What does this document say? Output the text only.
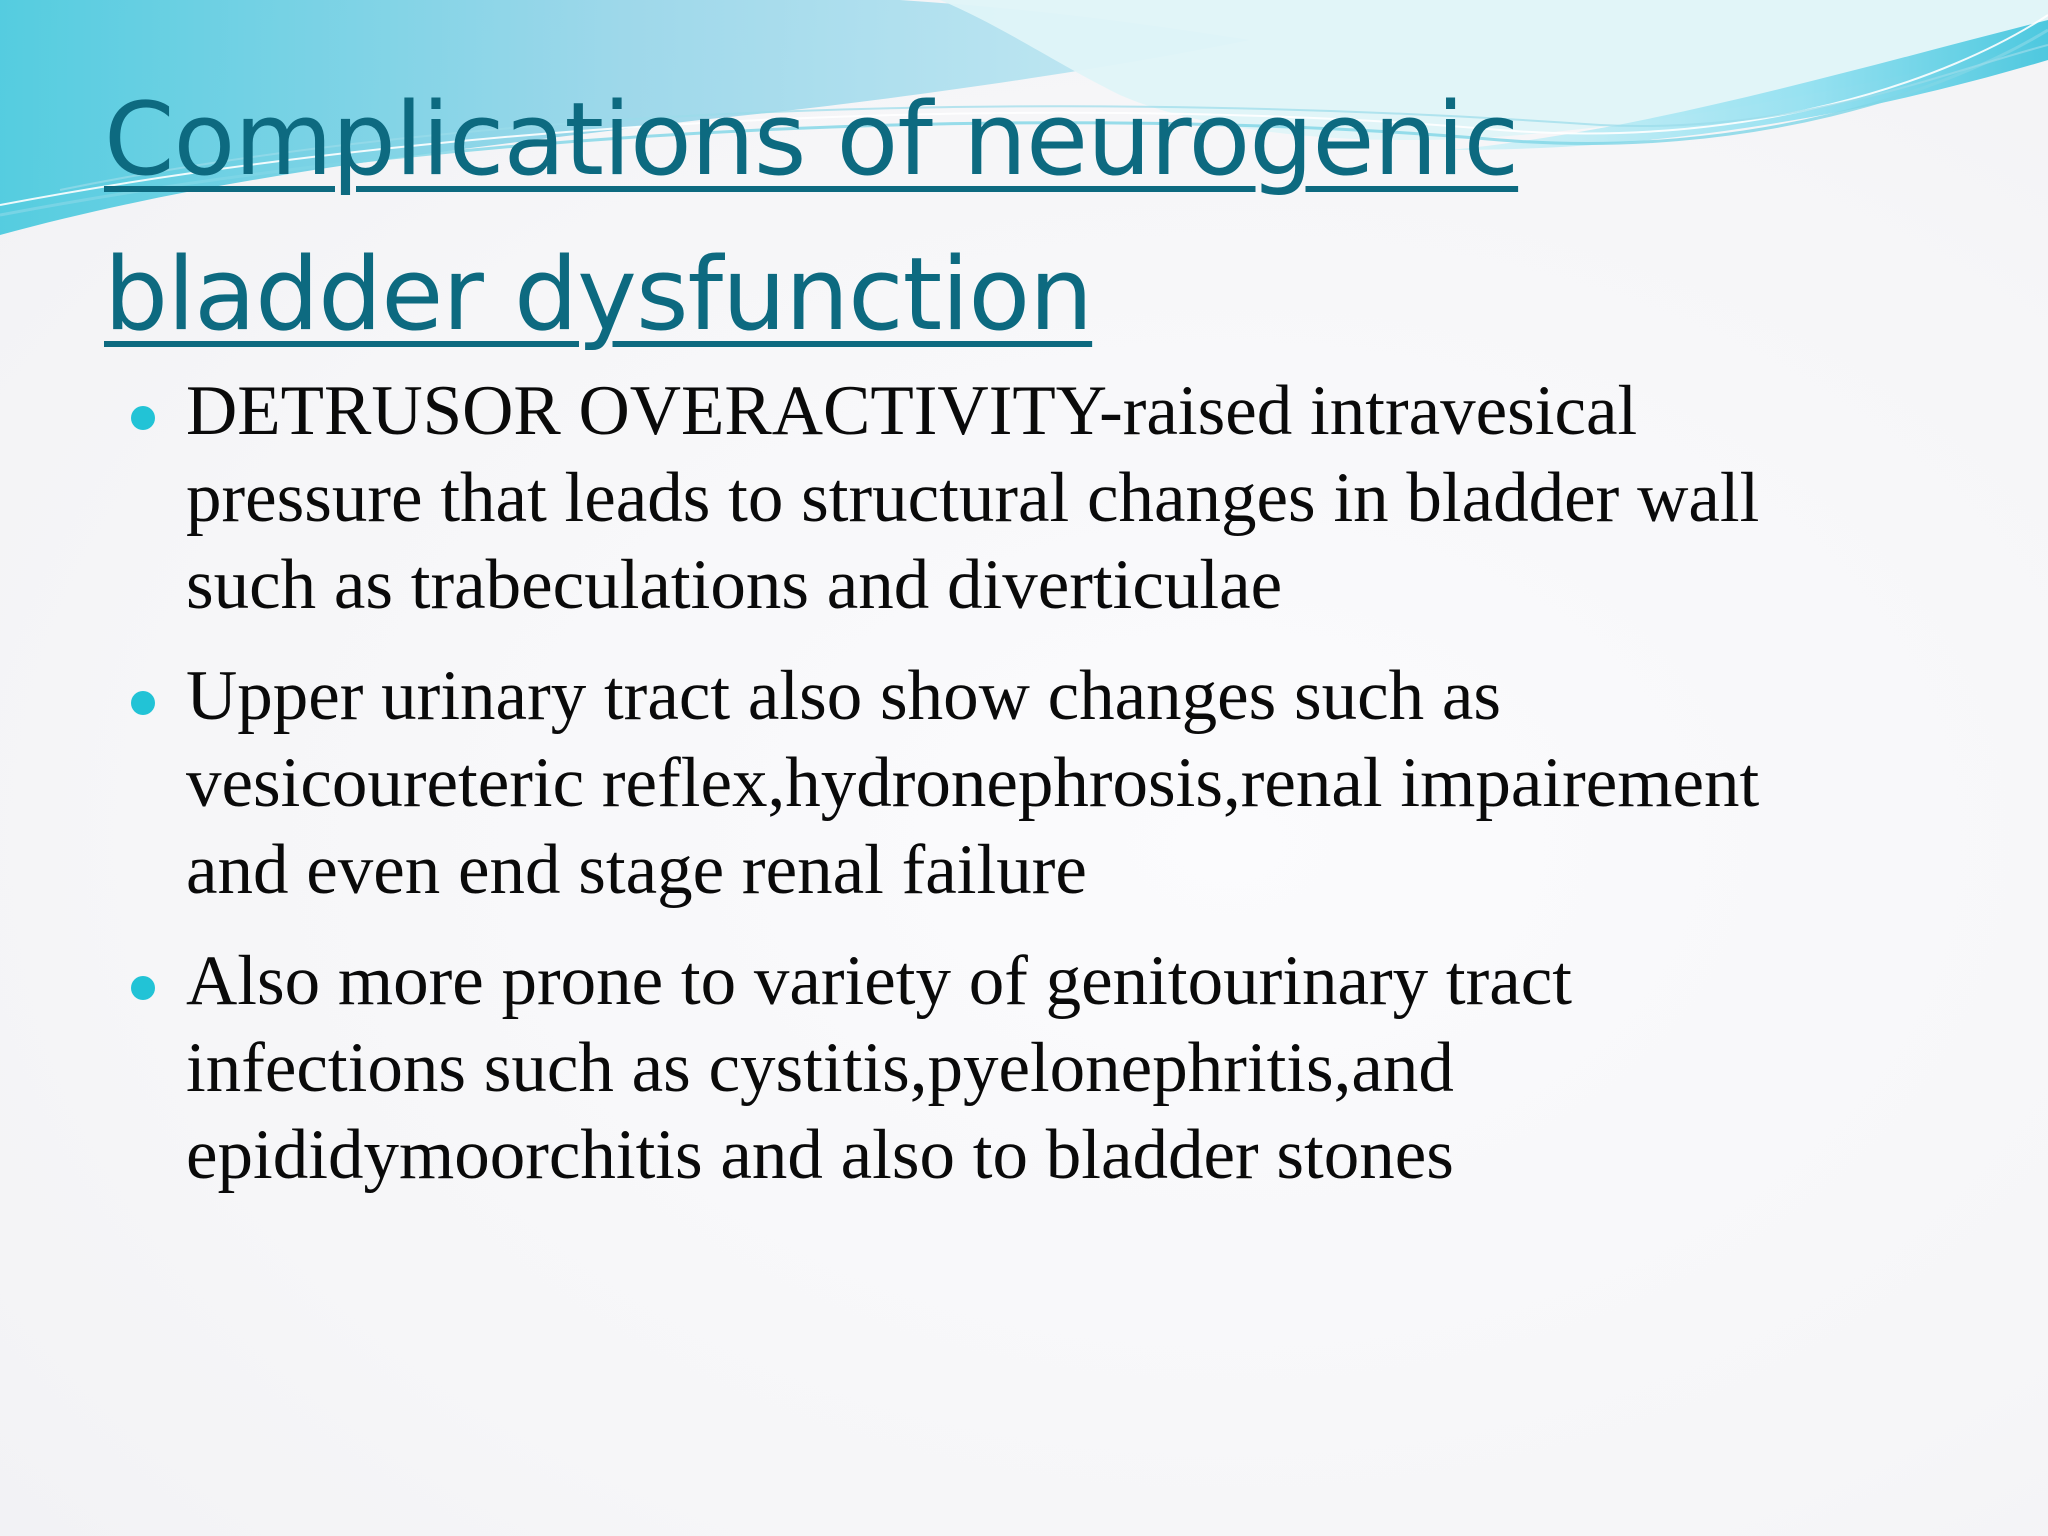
Complications of neurogenic bladder dysfunction
DETRUSOR OVERACTIVITY-raised intravesical pressure that leads to structural changes in bladder wall such as trabeculations and diverticulae
Upper urinary tract also show changes such as vesicoureteric reflex,hydronephrosis,renal impairement and even end stage renal failure
Also more prone to variety of genitourinary tract infections such as cystitis,pyelonephritis,and epididymoorchitis and also to bladder stones
